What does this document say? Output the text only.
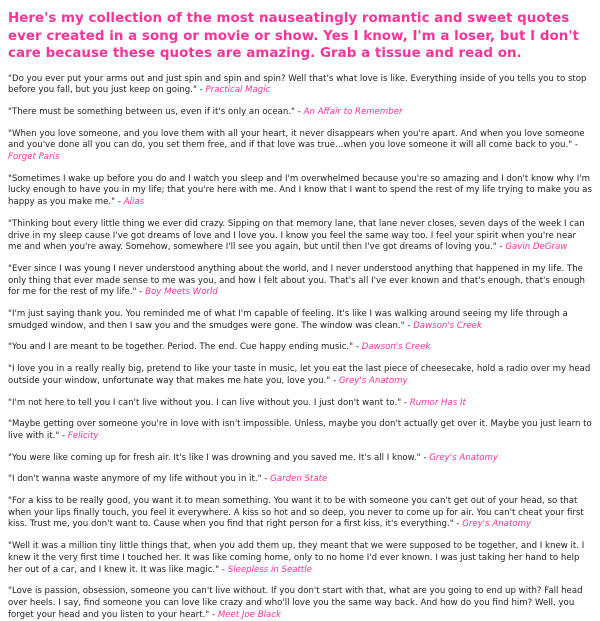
Here's my collection of the most nauseatingly romantic and sweet quotes ever created in a song or movie or show. Yes I know, I'm a loser, but I don't care because these quotes are amazing. Grab a tissue and read on.

"Do you ever put your arms out and just spin and spin and spin? Well that's what love is like. Everything inside of you tells you to stop before you fall, but you just keep on going." - Practical Magic

"There must be something between us, even if it's only an ocean." - An Affair to Remember

"When you love someone, and you love them with all your heart, it never disappears when you're apart. And when you love someone and you've done all you can do, you set them free, and if that love was true...when you love someone it will all come back to you." - Forget Paris

"Sometimes I wake up before you do and I watch you sleep and I'm overwhelmed because you're so amazing and I don't know why I'm lucky enough to have you in my life; that you're here with me. And I know that I want to spend the rest of my life trying to make you as happy as you make me." - Alias

"Thinking bout every little thing we ever did crazy. Sipping on that memory lane, that lane never closes, seven days of the week I can drive in my sleep cause I've got dreams of love and I love you. I know you feel the same way too. I feel your spirit when you're near me and when you're away. Somehow, somewhere I'll see you again, but until then I've got dreams of loving you." - Gavin DeGraw

"Ever since I was young I never understood anything about the world, and I never understood anything that happened in my life. The only thing that ever made sense to me was you, and how I felt about you. That's all I've ever known and that's enough, that's enough for me for the rest of my life." - Boy Meets World

"I'm just saying thank you. You reminded me of what I'm capable of feeling. It's like I was walking around seeing my life through a smudged window, and then I saw you and the smudges were gone. The window was clean." - Dawson's Creek

"You and I are meant to be together. Period. The end. Cue happy ending music." - Dawson's Creek

"I love you in a really really big, pretend to like your taste in music, let you eat the last piece of cheesecake, hold a radio over my head outside your window, unfortunate way that makes me hate you, love you." - Grey's Anatomy

"I'm not here to tell you I can't live without you. I can live without you. I just don't want to." - Rumor Has It

"Maybe getting over someone you're in love with isn't impossible. Unless, maybe you don't actually get over it. Maybe you just learn to live with it." - Felicity

"You were like coming up for fresh air. It's like I was drowning and you saved me. It's all I know." - Grey's Anatomy

"I don't wanna waste anymore of my life without you in it." - Garden State

"For a kiss to be really good, you want it to mean something. You want it to be with someone you can't get out of your head, so that when your lips finally touch, you feel it everywhere. A kiss so hot and so deep, you never to come up for air. You can't cheat your first kiss. Trust me, you don't want to. Cause when you find that right person for a first kiss, it's everything." - Grey's Anatomy

"Well it was a million tiny little things that, when you add them up, they meant that we were supposed to be together, and I knew it. I knew it the very first time I touched her. It was like coming home, only to no home I'd ever known. I was just taking her hand to help her out of a car, and I knew it. It was like magic." - Sleepless in Seattle

"Love is passion, obsession, someone you can't live without. If you don't start with that, what are you going to end up with? Fall head over heels. I say, find someone you can love like crazy and who'll love you the same way back. And how do you find him? Well, you forget your head and you listen to your heart." - Meet Joe Black
